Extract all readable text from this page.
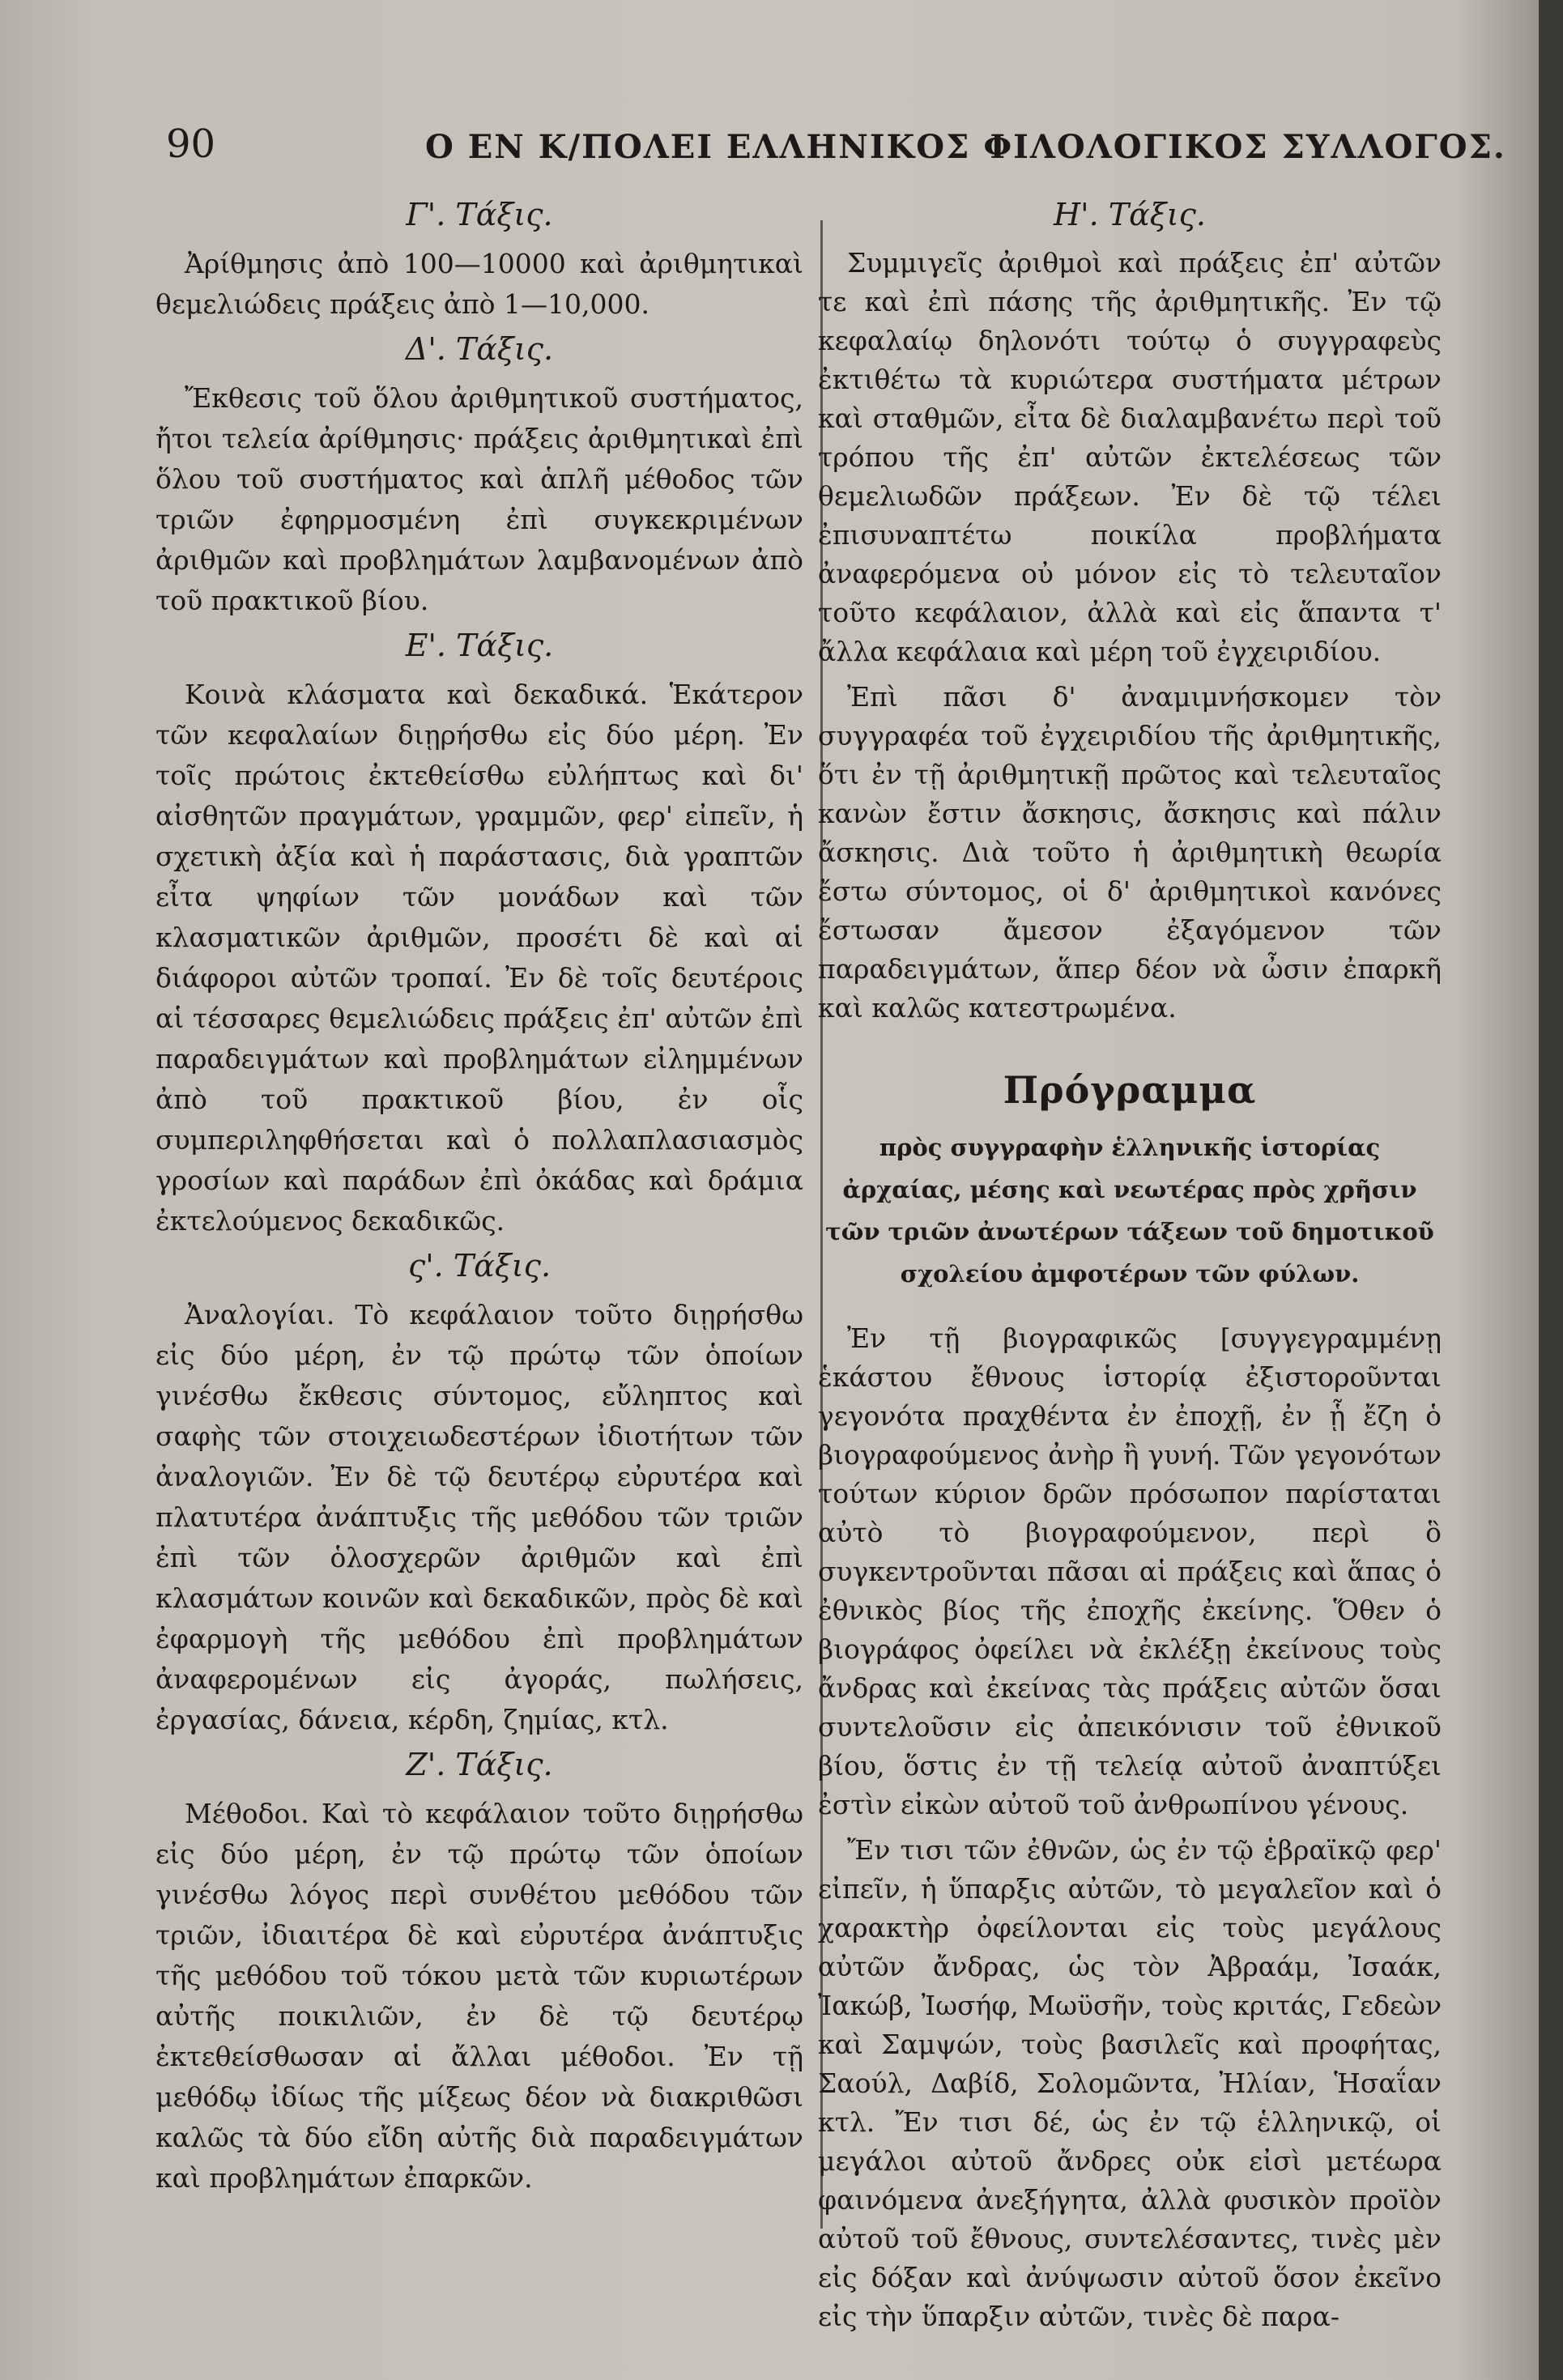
90	Ο ΕΝ Κ/ΠΟΛΕΙ ΕΛΛΗΝΙΚΟΣ ΦΙΛΟΛΟΓΙΚΟΣ ΣΥΛΛΟΓΟΣ.
Γ'. Τάξις.

Ἀρίθμησις ἀπὸ 100—10000 καὶ ἀριθμητικαὶ θεμελιώδεις πράξεις ἀπὸ 1—10,000.

Δ'. Τάξις.

Ἔκθεσις τοῦ ὅλου ἀριθμητικοῦ συστήματος, ἤτοι τελεία ἀρίθμησις· πράξεις ἀριθμητικαὶ ἐπὶ ὅλου τοῦ συστήματος καὶ ἁπλῆ μέθοδος τῶν τριῶν ἐφηρμοσμένη ἐπὶ συγκεκριμένων ἀριθμῶν καὶ προβλημάτων λαμβανομένων ἀπὸ τοῦ πρακτικοῦ βίου.

Ε'. Τάξις.

Κοινὰ κλάσματα καὶ δεκαδικά. Ἑκάτερον τῶν κεφαλαίων διῃρήσθω εἰς δύο μέρη. Ἐν τοῖς πρώτοις ἐκτεθείσθω εὐλήπτως καὶ δι' αἰσθητῶν πραγμάτων, γραμμῶν, φερ' εἰπεῖν, ἡ σχετικὴ ἀξία καὶ ἡ παράστασις, διὰ γραπτῶν εἶτα ψηφίων τῶν μονάδων καὶ τῶν κλασματικῶν ἀριθμῶν, προσέτι δὲ καὶ αἱ διάφοροι αὐτῶν τροπαί. Ἐν δὲ τοῖς δευτέροις αἱ τέσσαρες θεμελιώδεις πράξεις ἐπ' αὐτῶν ἐπὶ παραδειγμάτων καὶ προβλημάτων εἰλημμένων ἀπὸ τοῦ πρακτικοῦ βίου, ἐν οἷς συμπεριληφθήσεται καὶ ὁ πολλαπλασιασμὸς γροσίων καὶ παράδων ἐπὶ ὀκάδας καὶ δράμια ἐκτελούμενος δεκαδικῶς.

ς'. Τάξις.

Ἀναλογίαι. Τὸ κεφάλαιον τοῦτο διῃρήσθω εἰς δύο μέρη, ἐν τῷ πρώτῳ τῶν ὁποίων γινέσθω ἔκθεσις σύντομος, εὔληπτος καὶ σαφὴς τῶν στοιχειωδεστέρων ἰδιοτήτων τῶν ἀναλογιῶν. Ἐν δὲ τῷ δευτέρῳ εὐρυτέρα καὶ πλατυτέρα ἀνάπτυξις τῆς μεθόδου τῶν τριῶν ἐπὶ τῶν ὁλοσχερῶν ἀριθμῶν καὶ ἐπὶ κλασμάτων κοινῶν καὶ δεκαδικῶν, πρὸς δὲ καὶ ἐφαρμογὴ τῆς μεθόδου ἐπὶ προβλημάτων ἀναφερομένων εἰς ἀγοράς, πωλήσεις, ἐργασίας, δάνεια, κέρδη, ζημίας, κτλ.

Ζ'. Τάξις.

Μέθοδοι. Καὶ τὸ κεφάλαιον τοῦτο διῃρήσθω εἰς δύο μέρη, ἐν τῷ πρώτῳ τῶν ὁποίων γινέσθω λόγος περὶ συνθέτου μεθόδου τῶν τριῶν, ἰδιαιτέρα δὲ καὶ εὐρυτέρα ἀνάπτυξις τῆς μεθόδου τοῦ τόκου μετὰ τῶν κυριωτέρων αὐτῆς ποικιλιῶν, ἐν δὲ τῷ δευτέρῳ ἐκτεθείσθωσαν αἱ ἄλλαι μέθοδοι. Ἐν τῇ μεθόδῳ ἰδίως τῆς μίξεως δέον νὰ διακριθῶσι καλῶς τὰ δύο εἴδη αὐτῆς διὰ παραδειγμάτων καὶ προβλημάτων ἐπαρκῶν.

Η'. Τάξις.

Συμμιγεῖς ἀριθμοὶ καὶ πράξεις ἐπ' αὐτῶν τε καὶ ἐπὶ πάσης τῆς ἀριθμητικῆς. Ἐν τῷ κεφαλαίῳ δηλονότι τούτῳ ὁ συγγραφεὺς ἐκτιθέτω τὰ κυριώτερα συστήματα μέτρων καὶ σταθμῶν, εἶτα δὲ διαλαμβανέτω περὶ τοῦ τρόπου τῆς ἐπ' αὐτῶν ἐκτελέσεως τῶν θεμελιωδῶν πράξεων. Ἐν δὲ τῷ τέλει ἐπισυναπτέτω ποικίλα προβλήματα ἀναφερόμενα οὐ μόνον εἰς τὸ τελευταῖον τοῦτο κεφάλαιον, ἀλλὰ καὶ εἰς ἅπαντα τ' ἄλλα κεφάλαια καὶ μέρη τοῦ ἐγχειριδίου.

Ἐπὶ πᾶσι δ' ἀναμιμνήσκομεν τὸν συγγραφέα τοῦ ἐγχειριδίου τῆς ἀριθμητικῆς, ὅτι ἐν τῇ ἀριθμητικῇ πρῶτος καὶ τελευταῖος κανὼν ἔστιν ἄσκησις, ἄσκησις καὶ πάλιν ἄσκησις. Διὰ τοῦτο ἡ ἀριθμητικὴ θεωρία ἔστω σύντομος, οἱ δ' ἀριθμητικοὶ κανόνες ἔστωσαν ἄμεσον ἐξαγόμενον τῶν παραδειγμάτων, ἅπερ δέον νὰ ὦσιν ἐπαρκῆ καὶ καλῶς κατεστρωμένα.

Πρόγραμμα
πρὸς συγγραφὴν ἑλληνικῆς ἱστορίας ἀρχαίας, μέσης καὶ νεωτέρας πρὸς χρῆσιν τῶν τριῶν ἀνωτέρων τάξεων τοῦ δημοτικοῦ σχολείου ἀμφοτέρων τῶν φύλων.

Ἐν τῇ βιογραφικῶς [συγγεγραμμένῃ ἑκάστου ἔθνους ἱστορίᾳ ἐξιστοροῦνται γεγονότα πραχθέντα ἐν ἐποχῇ, ἐν ᾗ ἔζη ὁ βιογραφούμενος ἀνὴρ ἢ γυνή. Τῶν γεγονότων τούτων κύριον δρῶν πρόσωπον παρίσταται αὐτὸ τὸ βιογραφούμενον, περὶ ὃ συγκεντροῦνται πᾶσαι αἱ πράξεις καὶ ἅπας ὁ ἐθνικὸς βίος τῆς ἐποχῆς ἐκείνης. Ὅθεν ὁ βιογράφος ὀφείλει νὰ ἐκλέξῃ ἐκείνους τοὺς ἄνδρας καὶ ἐκείνας τὰς πράξεις αὐτῶν ὅσαι συντελοῦσιν εἰς ἀπεικόνισιν τοῦ ἐθνικοῦ βίου, ὅστις ἐν τῇ τελείᾳ αὐτοῦ ἀναπτύξει ἐστὶν εἰκὼν αὐτοῦ τοῦ ἀνθρωπίνου γένους.

Ἔν τισι τῶν ἐθνῶν, ὡς ἐν τῷ ἑβραϊκῷ φερ' εἰπεῖν, ἡ ὕπαρξις αὐτῶν, τὸ μεγαλεῖον καὶ ὁ χαρακτὴρ ὀφείλονται εἰς τοὺς μεγάλους αὐτῶν ἄνδρας, ὡς τὸν Ἀβραάμ, Ἰσαάκ, Ἰακώβ, Ἰωσήφ, Μωϋσῆν, τοὺς κριτάς, Γεδεὼν καὶ Σαμψών, τοὺς βασιλεῖς καὶ προφήτας, Σαούλ, Δαβίδ, Σολομῶντα, Ἠλίαν, Ἡσαΐαν κτλ. Ἔν τισι δέ, ὡς ἐν τῷ ἑλληνικῷ, οἱ μεγάλοι αὐτοῦ ἄνδρες οὐκ εἰσὶ μετέωρα φαινόμενα ἀνεξήγητα, ἀλλὰ φυσικὸν προϊὸν αὐτοῦ τοῦ ἔθνους, συντελέσαντες, τινὲς μὲν εἰς δόξαν καὶ ἀνύψωσιν αὐτοῦ ὅσον ἐκεῖνο εἰς τὴν ὕπαρξιν αὐτῶν, τινὲς δὲ παρα-
